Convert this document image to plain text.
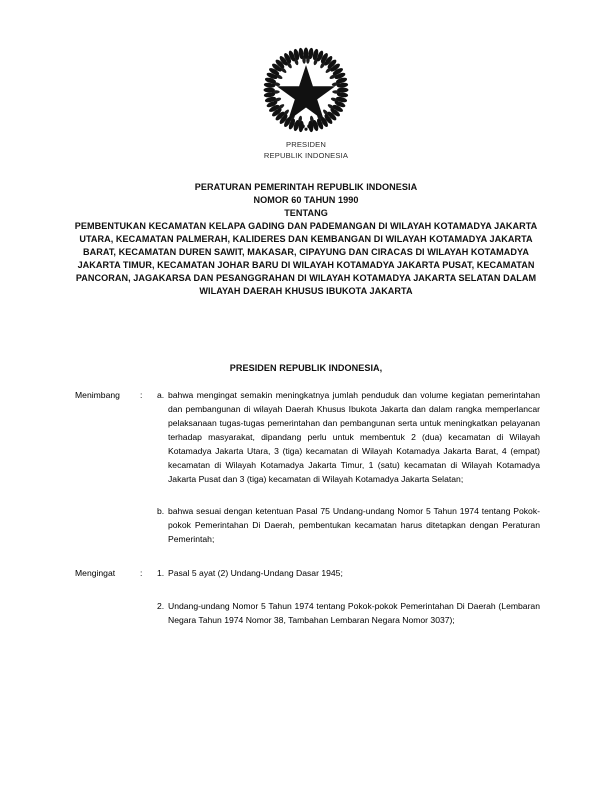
PRESIDEN
REPUBLIK INDONESIA
PERATURAN PEMERINTAH REPUBLIK INDONESIA
NOMOR 60 TAHUN 1990
TENTANG
PEMBENTUKAN KECAMATAN KELAPA GADING DAN PADEMANGAN DI WILAYAH KOTAMADYA JAKARTA UTARA, KECAMATAN PALMERAH, KALIDERES DAN KEMBANGAN DI WILAYAH KOTAMADYA JAKARTA BARAT, KECAMATAN DUREN SAWIT, MAKASAR, CIPAYUNG DAN CIRACAS DI WILAYAH KOTAMADYA JAKARTA TIMUR, KECAMATAN JOHAR BARU DI WILAYAH KOTAMADYA JAKARTA PUSAT, KECAMATAN PANCORAN, JAGAKARSA DAN PESANGGRAHAN DI WILAYAH KOTAMADYA JAKARTA SELATAN DALAM WILAYAH DAERAH KHUSUS IBUKOTA JAKARTA
PRESIDEN REPUBLIK INDONESIA,
Menimbang	:	a. bahwa mengingat semakin meningkatnya jumlah penduduk dan volume kegiatan pemerintahan dan pembangunan di wilayah Daerah Khusus Ibukota Jakarta dan dalam rangka memperlancar pelaksanaan tugas-tugas pemerintahan dan pembangunan serta untuk meningkatkan pelayanan terhadap masyarakat, dipandang perlu untuk membentuk 2 (dua) kecamatan di Wilayah Kotamadya Jakarta Utara, 3 (tiga) kecamatan di Wilayah Kotamadya Jakarta Barat, 4 (empat) kecamatan di Wilayah Kotamadya Jakarta Timur, 1 (satu) kecamatan di Wilayah Kotamadya Jakarta Pusat dan 3 (tiga) kecamatan di Wilayah Kotamadya Jakarta Selatan;

b. bahwa sesuai dengan ketentuan Pasal 75 Undang-undang Nomor 5 Tahun 1974 tentang Pokok-pokok Pemerintahan Di Daerah, pembentukan kecamatan harus ditetapkan dengan Peraturan Pemerintah;
Mengingat	:	1. Pasal 5 ayat (2) Undang-Undang Dasar 1945;

2. Undang-undang Nomor 5 Tahun 1974 tentang Pokok-pokok Pemerintahan Di Daerah (Lembaran Negara Tahun 1974 Nomor 38, Tambahan Lembaran Negara Nomor 3037);
